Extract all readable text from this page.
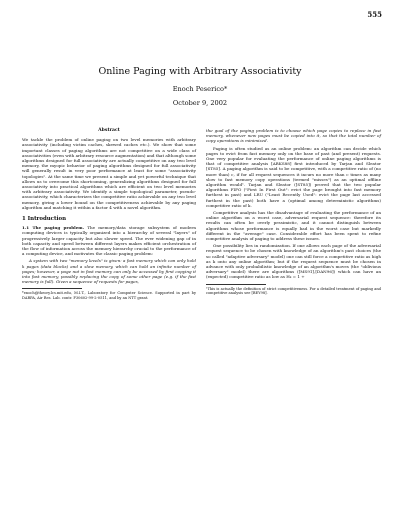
555
Online Paging with Arbitrary Associativity
Enoch Peserico*
October 9, 2002
Abstract

We tackle the problem of online paging on two level memories with arbitrary associativity (including victim caches, skewed caches etc.). We show that some important classes of paging algorithms are not competitive on a wide class of associativities (even with arbitrary resource augmentation) and that although some algorithms designed for full associativity are actually competitive on any two level memory, the myopic behavior of paging algorithms designed for full associativity will generally result in very poor performance at least for some "associativity topologies". At the same time we present a simple and yet powerful technique that allows us to overcome this shortcoming, generalizing algorithms designed for full associativity into practical algorithms which are efficient on two level memories with arbitrary associativity. We identify a simple topological parameter, pseudo-associativity, which characterizes the competitive ratio achievable on any two level memory, giving a lower bound on the competitiveness achievable by any paging algorithm and matching it within a factor 4 with a novel algorithm.

1 Introduction

1.1 The paging problem. The memory/data storage subsystem of modern computing devices is typically organized into a hierarchy of several "layers" of progressively larger capacity but also slower speed. The ever widening gap of in both capacity and speed between different layers makes efficient orchestration of the flow of information across the memory hierarchy crucial to the performance of a computing device, and motivates the classic paging problem:

A system with two "memory levels" is given: a fast memory which can only hold k pages (data blocks) and a slow memory, which can hold an infinite number of pages; however, a page not in fast memory can only be accessed by first copying it into fast memory, possibly replacing the copy of some other page (e.g. if the fast memory is full). Given a sequence of requests for pages,

*enoch@theory.lcs.mit.edu, M.I.T., Laboratory for Computer Science. Supported in part by DARPA, Air Res. Lab. contr. F30602-99-2-0511, and by an NTT grant.

the goal of the paging problem is to choose which page copies to replace in fast memory, whenever new pages must be copied into it, so that the total number of copy operations is minimized.

Paging is often studied as an online problem: an algorithm can decide which pages to evict from fast memory only on the base of past (and present) requests. One very popular for evaluating the performance of online paging algorithms is that of competitive analysis [ARKS88] first introduced by Tarjan and Sleator [ST85]. A paging algorithm is said to be competitive, with a competitive ratio of (no more than) c, if for all request sequences it incurs no more than c times as many slow to fast memory copy operations (termed "misses") as an optimal offline algorithm would¹. Tarjan and Sleator ([ST85]) proved that the two popular algorithms FIFO ("First In First Out": evict the page brought into fast memory furthest in past) and LRU ("Least Recently Used": evict the page last accessed furthest in the past) both have a (optimal among deterministic algorithms) competitive ratio of k.

Competitive analysis has the disadvantage of evaluating the performance of an online algorithm on a worst case, adversarial request sequence: therefore its results can often be overly pessimistic, and it cannot distinguish between algorithms whose performance is equally bad in the worst case but markedly different in the "average" case. Considerable effort has been spent to refine competitive analysis of paging to address these issues.

One possibility lies in randomization. If one allows each page of the adversarial request sequence to be chosen with knowledge of an algorithm's past choices (the so called "adaptive adversary" model) one can still force a competitive ratio as high as k onto any online algorithm; but if the request sequence must be chosen in advance with only probabilistic knowledge of an algorithm's moves (the "oblivious adversary" model) there are algorithms ([MS91],[DAN96]) which can have an (expected) competitive ratio as low as Hₖ = 1 +

¹This is actually the definition of strict competitiveness. For a detailed treatment of paging and competitive analysis see [BEY98].
